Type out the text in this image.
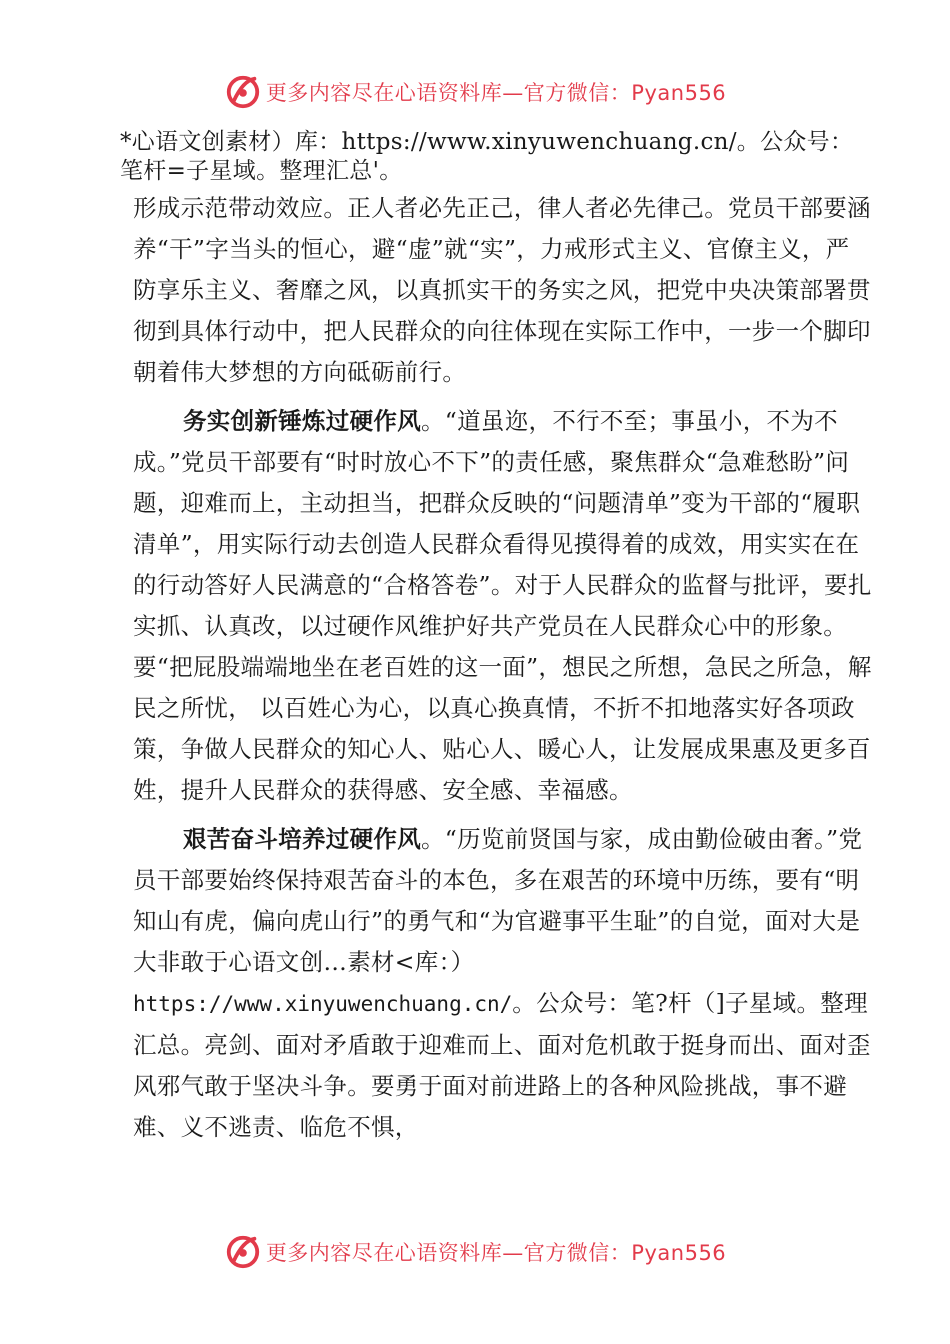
更多内容尽在心语资料库—官方微信：Pyan556
*心语文创素材）库：https://www.xinyuwenchuang.cn/。公众号：
笔杆=子星域。整理汇总'。

形成示范带动效应。正人者必先正己，律人者必先律己。党员干部要涵养“干”字当头的恒心，避“虚”就“实”，力戒形式主义、官僚主义，严防享乐主义、奢靡之风，以真抓实干的务实之风，把党中央决策部署贯彻到具体行动中，把人民群众的向往体现在实际工作中，一步一个脚印朝着伟大梦想的方向砥砺前行。

务实创新锤炼过硬作风。“道虽迩，不行不至；事虽小，不为不成。”党员干部要有“时时放心不下”的责任感，聚焦群众“急难愁盼”问题，迎难而上，主动担当，把群众反映的“问题清单”变为干部的“履职清单”，用实际行动去创造人民群众看得见摸得着的成效，用实实在在的行动答好人民满意的“合格答卷”。对于人民群众的监督与批评，要扎实抓、认真改，以过硬作风维护好共产党员在人民群众心中的形象。要“把屁股端端地坐在老百姓的这一面”，想民之所想，急民之所急，解民之所忧， 以百姓心为心，以真心换真情，不折不扣地落实好各项政策，争做人民群众的知心人、贴心人、暖心人，让发展成果惠及更多百姓，提升人民群众的获得感、安全感、幸福感。

艰苦奋斗培养过硬作风。“历览前贤国与家，成由勤俭破由奢。”党员干部要始终保持艰苦奋斗的本色，多在艰苦的环境中历练，要有“明知山有虎，偏向虎山行”的勇气和“为官避事平生耻”的自觉，面对大是大非敢于心语文创…素材<库：）https://www.xinyuwenchuang.cn/。公众号：笔?杆（]子星域。整理汇总。亮剑、面对矛盾敢于迎难而上、面对危机敢于挺身而出、面对歪风邪气敢于坚决斗争。要勇于面对前进路上的各种风险挑战，事不避难、义不逃责、临危不惧，

更多内容尽在心语资料库—官方微信：Pyan556
